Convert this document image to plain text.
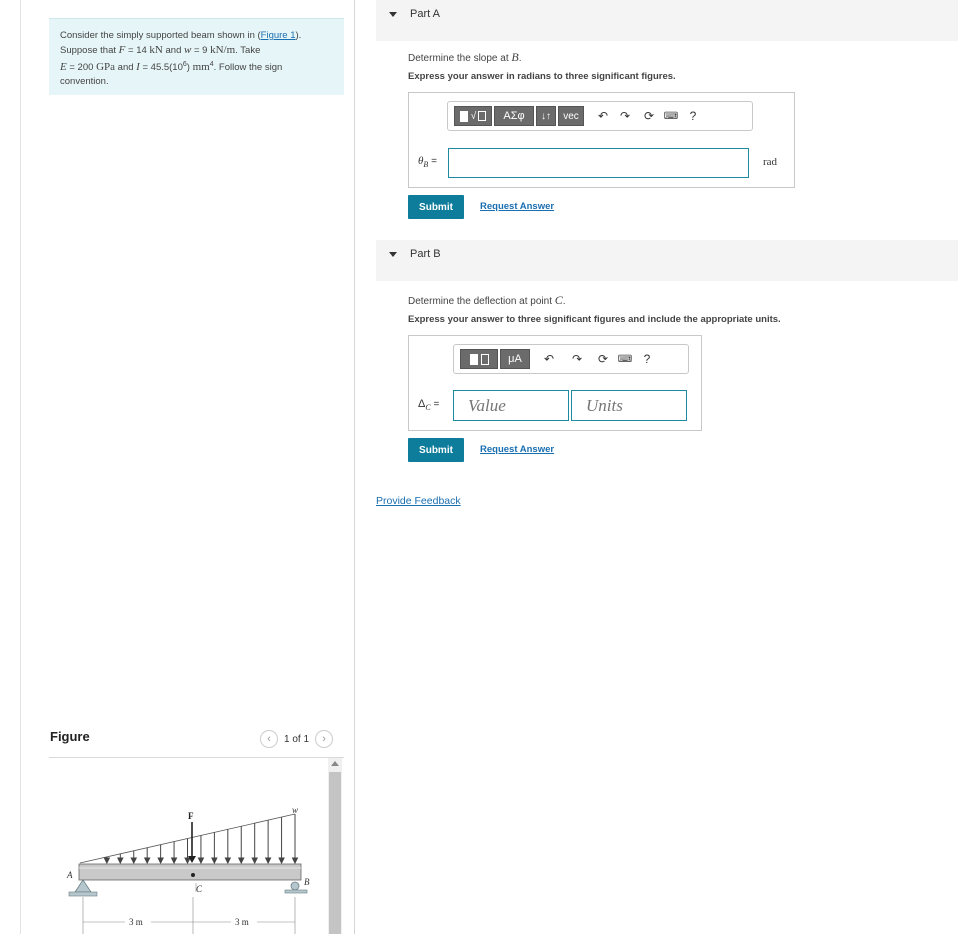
Consider the simply supported beam shown in (Figure 1).
Suppose that F = 14 kN and w = 9 kN/m. Take
E = 200 GPa and $I = 45.5(10^6)$ $mm^4$. Follow the sign
convention.
Figure	‹	1 of 1	›
F
w
A
B
C
3 m	3 m
Part A
Determine the slope at B.
Express your answer in radians to three significant figures.
√	ΑΣφ	↓↑	vec	↶ ↷	⟳ ⌨ ?
$\theta_B$ =	rad
Submit	Request Answer
Part B
Determine the deflection at point C.
Express your answer to three significant figures and include the appropriate units.
μA	↶	↷	⟳ ⌨ ?
$\Delta_C$ =
Value
Units
Submit	Request Answer
Provide Feedback
